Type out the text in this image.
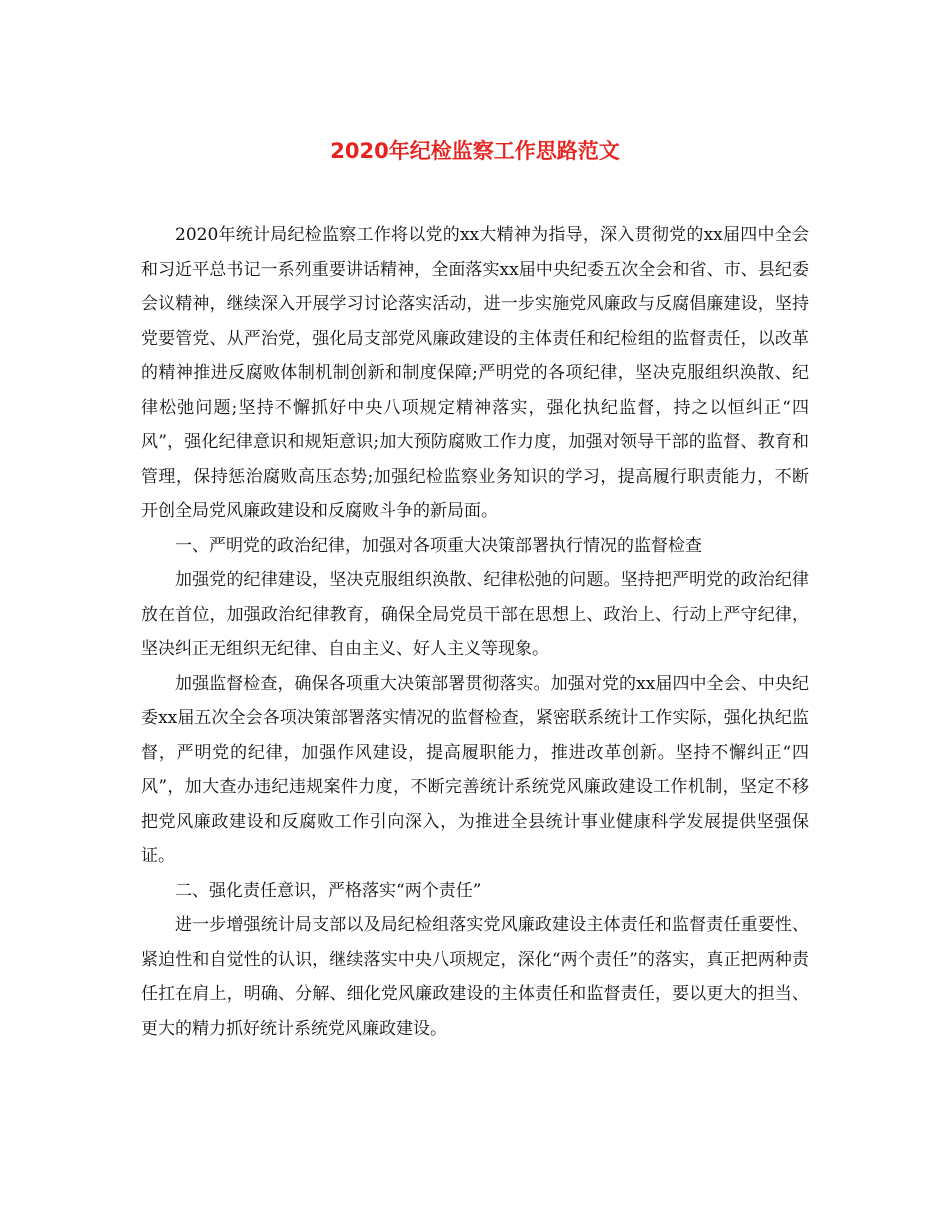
2020年纪检监察工作思路范文

2020年统计局纪检监察工作将以党的xx大精神为指导，深入贯彻党的xx届四中全会和习近平总书记一系列重要讲话精神，全面落实xx届中央纪委五次全会和省、市、县纪委会议精神，继续深入开展学习讨论落实活动，进一步实施党风廉政与反腐倡廉建设，坚持党要管党、从严治党，强化局支部党风廉政建设的主体责任和纪检组的监督责任，以改革的精神推进反腐败体制机制创新和制度保障;严明党的各项纪律，坚决克服组织涣散、纪律松弛问题;坚持不懈抓好中央八项规定精神落实，强化执纪监督，持之以恒纠正“四风”，强化纪律意识和规矩意识;加大预防腐败工作力度，加强对领导干部的监督、教育和管理，保持惩治腐败高压态势;加强纪检监察业务知识的学习，提高履行职责能力，不断开创全局党风廉政建设和反腐败斗争的新局面。

一、严明党的政治纪律，加强对各项重大决策部署执行情况的监督检查

加强党的纪律建设，坚决克服组织涣散、纪律松弛的问题。坚持把严明党的政治纪律放在首位，加强政治纪律教育，确保全局党员干部在思想上、政治上、行动上严守纪律，坚决纠正无组织无纪律、自由主义、好人主义等现象。

加强监督检查，确保各项重大决策部署贯彻落实。加强对党的xx届四中全会、中央纪委xx届五次全会各项决策部署落实情况的监督检查，紧密联系统计工作实际，强化执纪监督，严明党的纪律，加强作风建设，提高履职能力，推进改革创新。坚持不懈纠正“四风”，加大查办违纪违规案件力度，不断完善统计系统党风廉政建设工作机制，坚定不移把党风廉政建设和反腐败工作引向深入，为推进全县统计事业健康科学发展提供坚强保证。

二、强化责任意识，严格落实“两个责任”

进一步增强统计局支部以及局纪检组落实党风廉政建设主体责任和监督责任重要性、紧迫性和自觉性的认识，继续落实中央八项规定，深化“两个责任”的落实，真正把两种责任扛在肩上，明确、分解、细化党风廉政建设的主体责任和监督责任，要以更大的担当、更大的精力抓好统计系统党风廉政建设。
